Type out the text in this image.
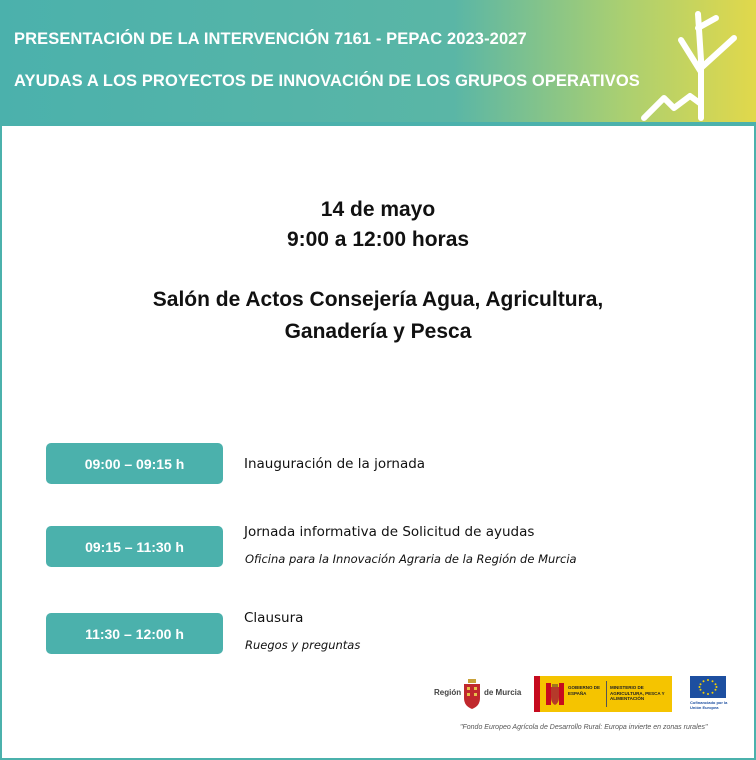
PRESENTACIÓN DE LA INTERVENCIÓN 7161 - PEPAC 2023-2027
AYUDAS A LOS PROYECTOS DE INNOVACIÓN DE LOS GRUPOS OPERATIVOS
14 de mayo
9:00 a 12:00 horas
Salón de Actos Consejería Agua, Agricultura,
Ganadería y Pesca
09:00 – 09:15 h	Inauguración de la jornada
09:15 – 11:30 h
Jornada informativa de Solicitud de ayudas
Oficina para la Innovación Agraria de la Región de Murcia
11:30 – 12:00 h
Clausura
Ruegos y preguntas
Región	de Murcia
GOBIERNO DE ESPAÑA
MINISTERIO DE AGRICULTURA, PESCA Y ALIMENTACIÓN
Cofinanciado por la Unión Europea
"Fondo Europeo Agrícola de Desarrollo Rural: Europa invierte en zonas rurales"
